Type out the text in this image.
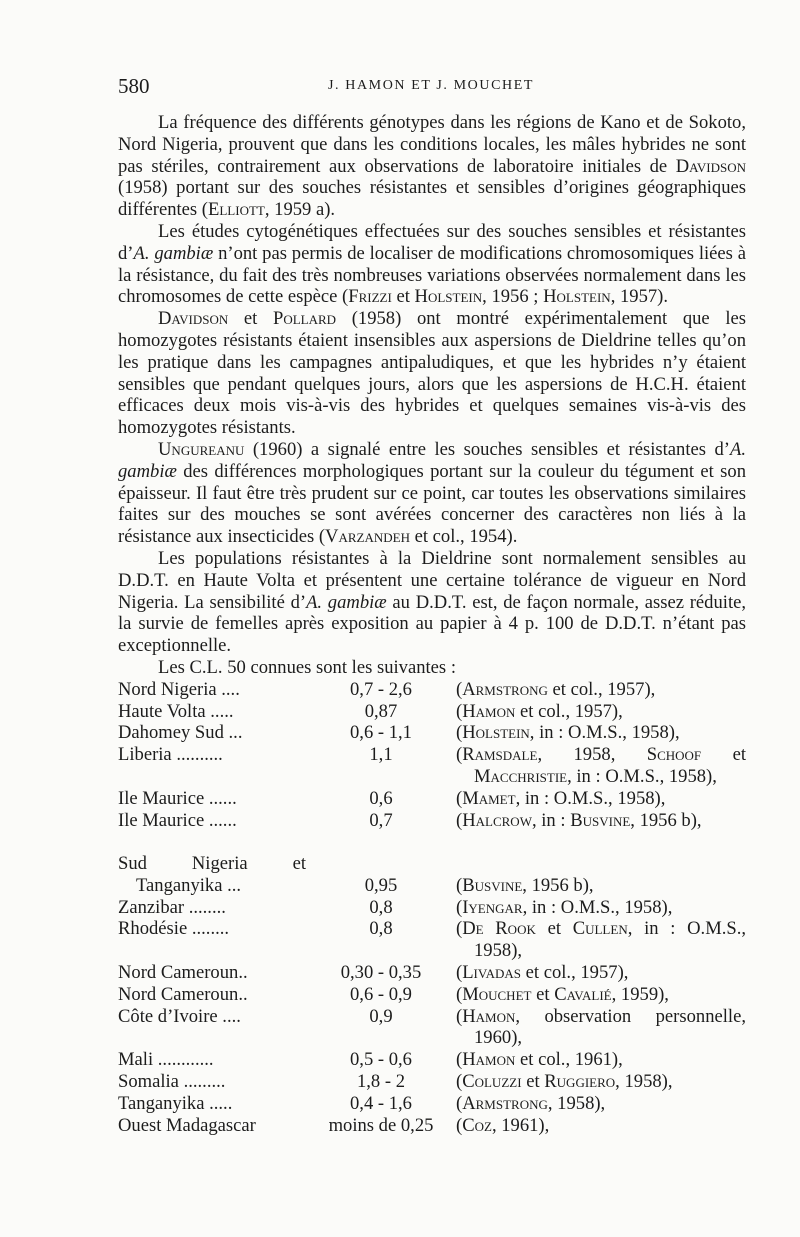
580	J. HAMON ET J. MOUCHET

La fréquence des différents génotypes dans les régions de Kano et de Sokoto, Nord Nigeria, prouvent que dans les conditions locales, les mâles hybrides ne sont pas stériles, contrairement aux observations de laboratoire initiales de Davidson (1958) portant sur des souches résistantes et sensibles d’origines géographiques différentes (Elliott, 1959 a).

Les études cytogénétiques effectuées sur des souches sensibles et résistantes d’A. gambiæ n’ont pas permis de localiser de modifications chromosomiques liées à la résistance, du fait des très nombreuses variations observées normalement dans les chromosomes de cette espèce (Frizzi et Holstein, 1956 ; Holstein, 1957).

Davidson et Pollard (1958) ont montré expérimentalement que les homozygotes résistants étaient insensibles aux aspersions de Dieldrine telles qu’on les pratique dans les campagnes antipaludiques, et que les hybrides n’y étaient sensibles que pendant quelques jours, alors que les aspersions de H.C.H. étaient efficaces deux mois vis-à-vis des hybrides et quelques semaines vis-à-vis des homozygotes résistants.

Ungureanu (1960) a signalé entre les souches sensibles et résistantes d’A. gambiæ des différences morphologiques portant sur la couleur du tégument et son épaisseur. Il faut être très prudent sur ce point, car toutes les observations similaires faites sur des mouches se sont avérées concerner des caractères non liés à la résistance aux insecticides (Varzandeh et col., 1954).

Les populations résistantes à la Dieldrine sont normalement sensibles au D.D.T. en Haute Volta et présentent une certaine tolérance de vigueur en Nord Nigeria. La sensibilité d’A. gambiæ au D.D.T. est, de façon normale, assez réduite, la survie de femelles après exposition au papier à 4 p. 100 de D.D.T. n’étant pas exceptionnelle.

Les C.L. 50 connues sont les suivantes :

Nord Nigeria ....	0,7 - 2,6	(Armstrong et col., 1957),

Haute Volta .....	0,87	(Hamon et col., 1957),

Dahomey Sud ...	0,6 - 1,1	(Holstein, in : O.M.S., 1958),

Liberia ..........	1,1	(Ramsdale, 1958, Schoof et Macchristie, in : O.M.S., 1958),

Ile Maurice ......	0,6	(Mamet, in : O.M.S., 1958),

Ile Maurice ......	0,7	(Halcrow, in : Busvine, 1956 b),

Sud Nigeria et
Tanganyika ...	0,95	(Busvine, 1956 b),

Zanzibar ........	0,8	(Iyengar, in : O.M.S., 1958),

Rhodésie ........	0,8	(De Rook et Cullen, in : O.M.S., 1958),

Nord Cameroun..	0,30 - 0,35	(Livadas et col., 1957),

Nord Cameroun..	0,6 - 0,9	(Mouchet et Cavalié, 1959),

Côte d’Ivoire ....	0,9	(Hamon, observation personnelle, 1960),

Mali ............	0,5 - 0,6	(Hamon et col., 1961),

Somalia .........	1,8 - 2	(Coluzzi et Ruggiero, 1958),

Tanganyika .....	0,4 - 1,6	(Armstrong, 1958),

Ouest Madagascar	moins de 0,25	(Coz, 1961),
